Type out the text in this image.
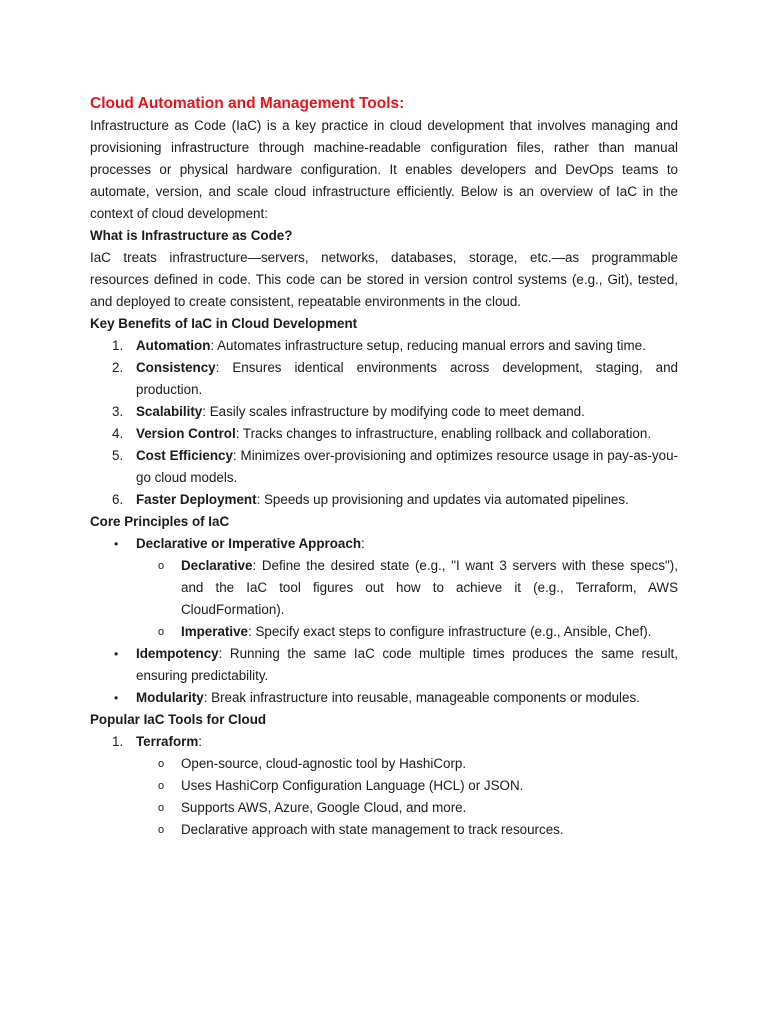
Cloud Automation and Management Tools:

Infrastructure as Code (IaC) is a key practice in cloud development that involves managing and provisioning infrastructure through machine-readable configuration files, rather than manual processes or physical hardware configuration. It enables developers and DevOps teams to automate, version, and scale cloud infrastructure efficiently. Below is an overview of IaC in the context of cloud development:

What is Infrastructure as Code?

IaC treats infrastructure—servers, networks, databases, storage, etc.—as programmable resources defined in code. This code can be stored in version control systems (e.g., Git), tested, and deployed to create consistent, repeatable environments in the cloud.

Key Benefits of IaC in Cloud Development
1. Automation: Automates infrastructure setup, reducing manual errors and saving time.
2. Consistency: Ensures identical environments across development, staging, and production.
3. Scalability: Easily scales infrastructure by modifying code to meet demand.
4. Version Control: Tracks changes to infrastructure, enabling rollback and collaboration.
5. Cost Efficiency: Minimizes over-provisioning and optimizes resource usage in pay-as-you-go cloud models.
6. Faster Deployment: Speeds up provisioning and updates via automated pipelines.
Core Principles of IaC
• Declarative or Imperative Approach:
o Declarative: Define the desired state (e.g., "I want 3 servers with these specs"), and the IaC tool figures out how to achieve it (e.g., Terraform, AWS CloudFormation).
o Imperative: Specify exact steps to configure infrastructure (e.g., Ansible, Chef).
• Idempotency: Running the same IaC code multiple times produces the same result, ensuring predictability.
• Modularity: Break infrastructure into reusable, manageable components or modules.
Popular IaC Tools for Cloud
1. Terraform:
o Open-source, cloud-agnostic tool by HashiCorp.
o Uses HashiCorp Configuration Language (HCL) or JSON.
o Supports AWS, Azure, Google Cloud, and more.
o Declarative approach with state management to track resources.
